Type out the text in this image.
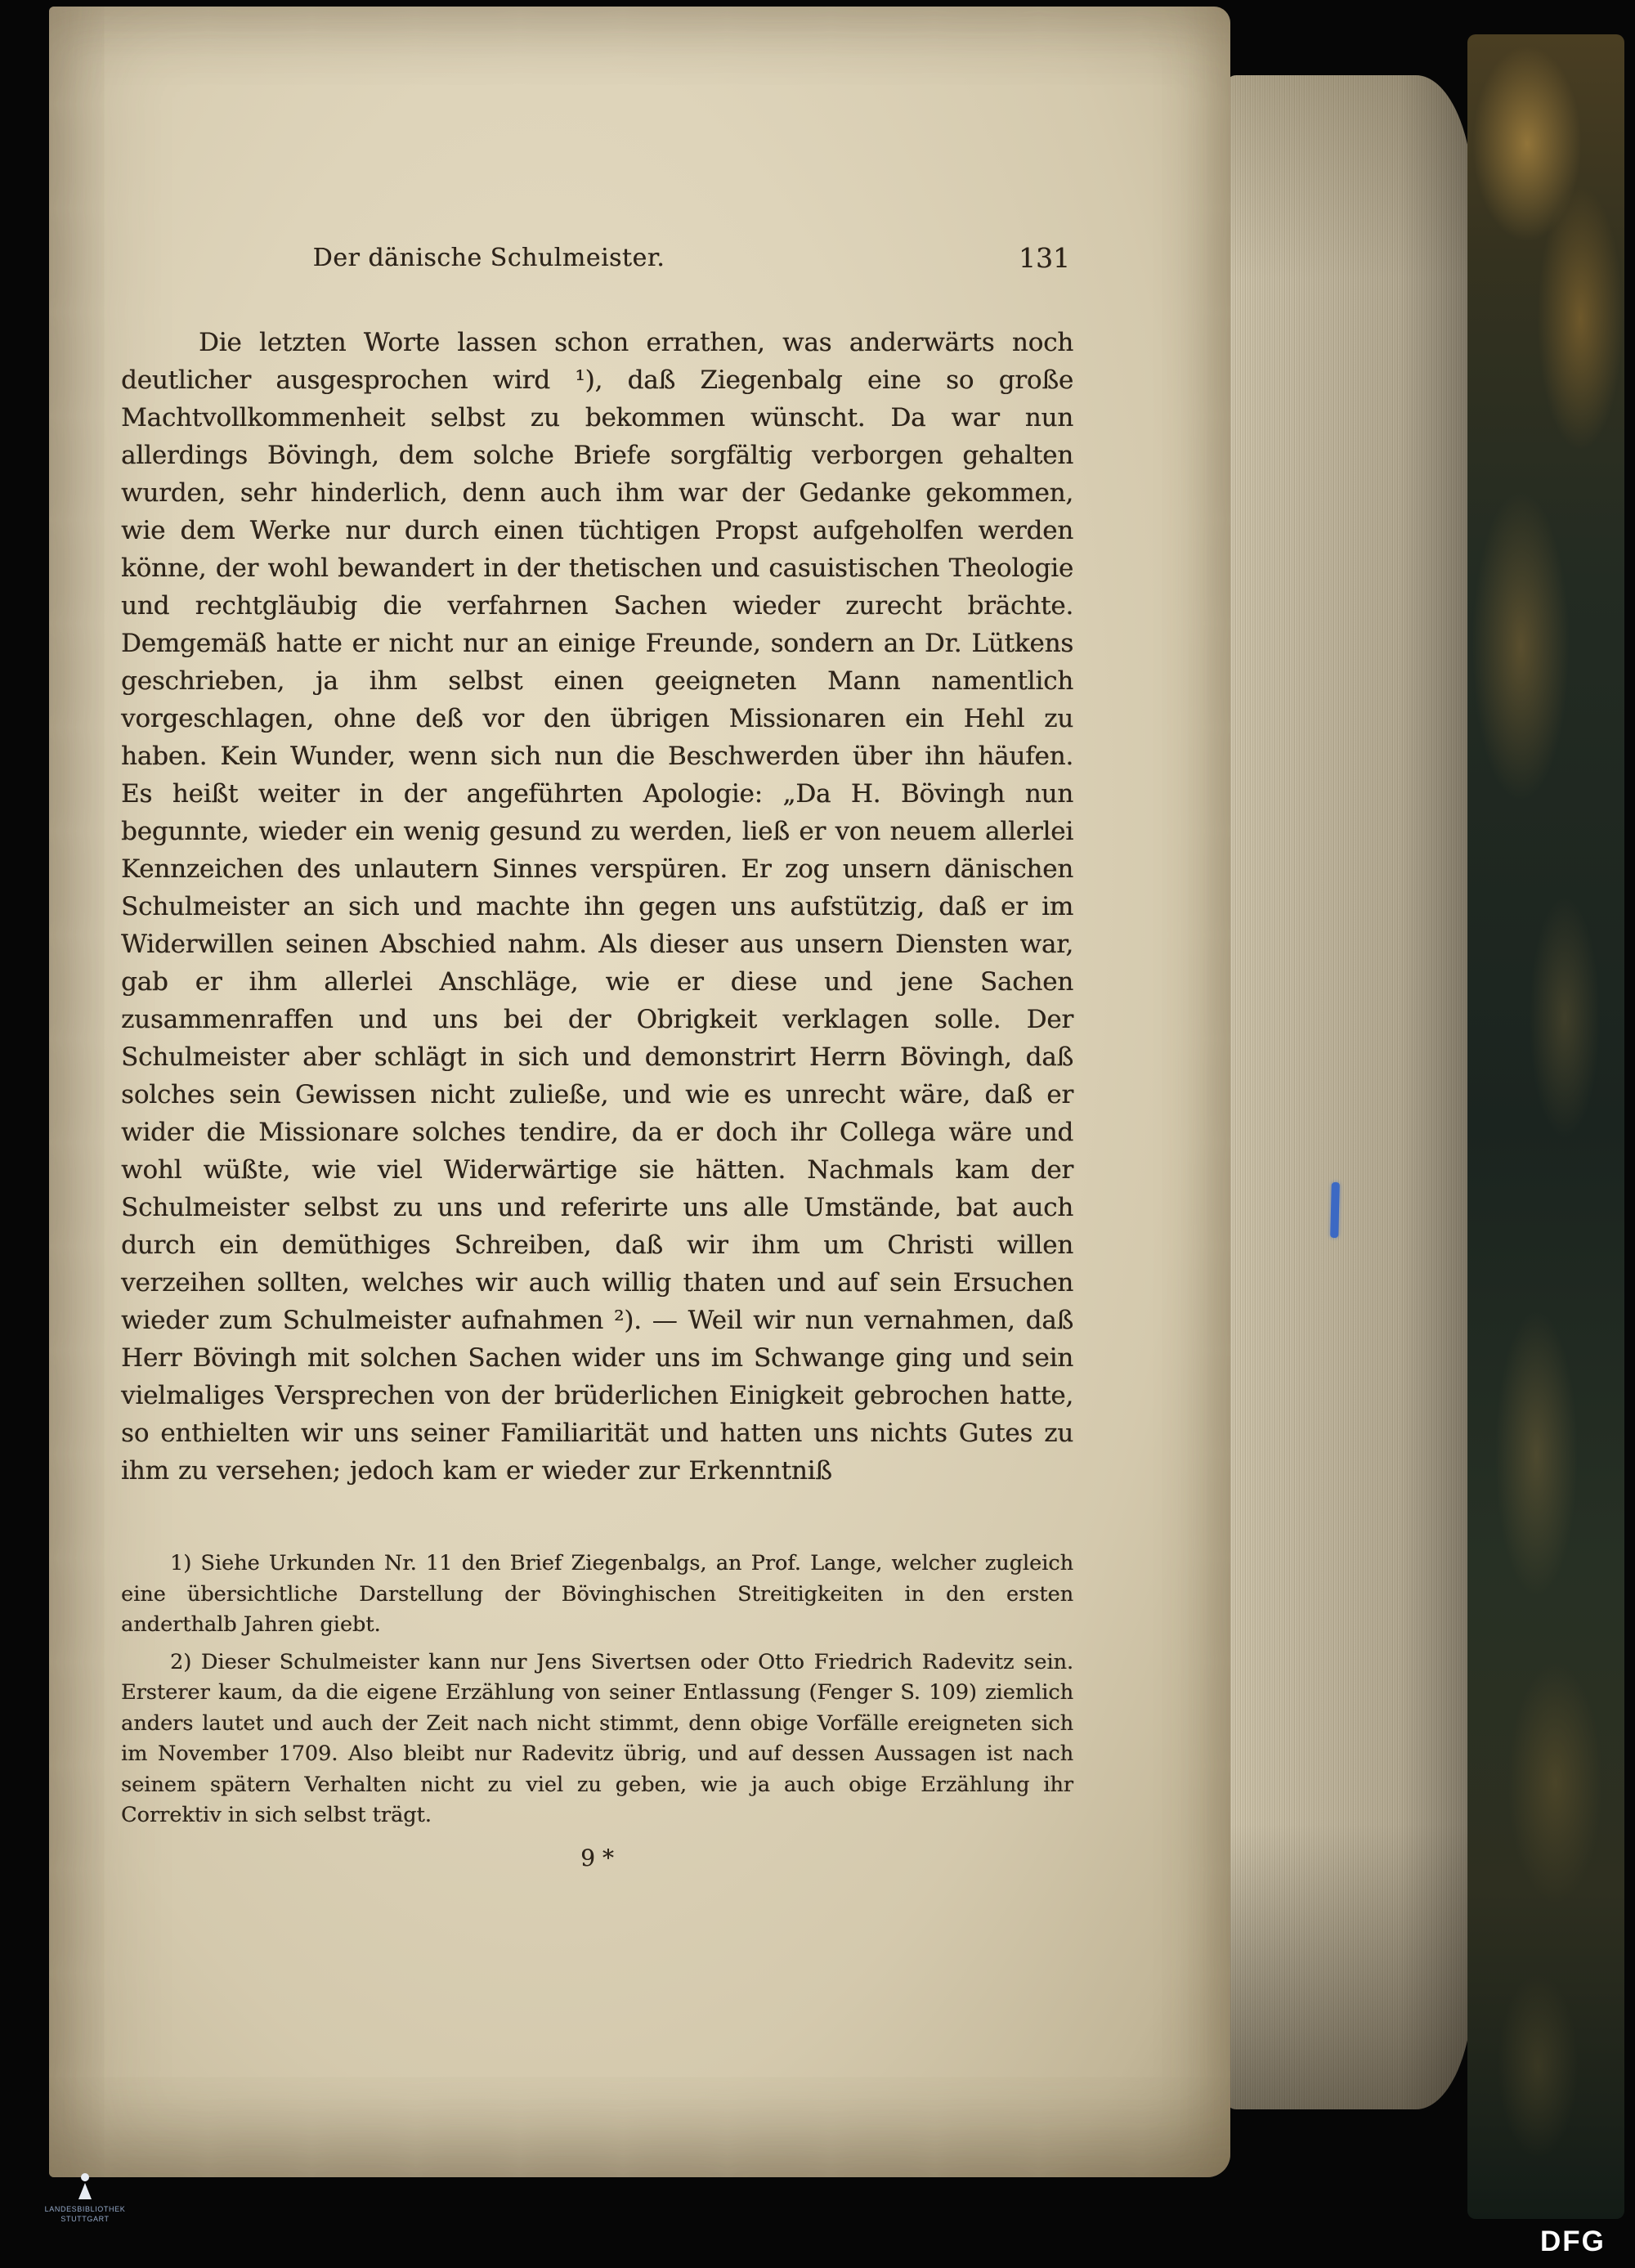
Der dänische Schulmeister.	131

Die letzten Worte lassen schon errathen, was anderwärts noch deutlicher ausgesprochen wird ¹), daß Ziegenbalg eine so große Machtvollkommenheit selbst zu bekommen wünscht. Da war nun allerdings Bövingh, dem solche Briefe sorgfältig verborgen gehalten wurden, sehr hinderlich, denn auch ihm war der Gedanke gekommen, wie dem Werke nur durch einen tüchtigen Propst aufgeholfen werden könne, der wohl bewandert in der thetischen und casuistischen Theologie und rechtgläubig die verfahrnen Sachen wieder zurecht brächte. Demgemäß hatte er nicht nur an einige Freunde, sondern an Dr. Lütkens geschrieben, ja ihm selbst einen geeigneten Mann namentlich vorgeschlagen, ohne deß vor den übrigen Missionaren ein Hehl zu haben. Kein Wunder, wenn sich nun die Beschwerden über ihn häufen. Es heißt weiter in der angeführten Apologie: „Da H. Bövingh nun begunnte, wieder ein wenig gesund zu werden, ließ er von neuem allerlei Kennzeichen des unlautern Sinnes verspüren. Er zog unsern dänischen Schulmeister an sich und machte ihn gegen uns aufstützig, daß er im Widerwillen seinen Abschied nahm. Als dieser aus unsern Diensten war, gab er ihm allerlei Anschläge, wie er diese und jene Sachen zusammenraffen und uns bei der Obrigkeit verklagen solle. Der Schulmeister aber schlägt in sich und demonstrirt Herrn Bövingh, daß solches sein Gewissen nicht zuließe, und wie es unrecht wäre, daß er wider die Missionare solches tendire, da er doch ihr Collega wäre und wohl wüßte, wie viel Widerwärtige sie hätten. Nachmals kam der Schulmeister selbst zu uns und referirte uns alle Umstände, bat auch durch ein demüthiges Schreiben, daß wir ihm um Christi willen verzeihen sollten, welches wir auch willig thaten und auf sein Ersuchen wieder zum Schulmeister aufnahmen ²). — Weil wir nun vernahmen, daß Herr Bövingh mit solchen Sachen wider uns im Schwange ging und sein vielmaliges Versprechen von der brüderlichen Einigkeit gebrochen hatte, so enthielten wir uns seiner Familiarität und hatten uns nichts Gutes zu ihm zu versehen; jedoch kam er wieder zur Erkenntniß

1) Siehe Urkunden Nr. 11 den Brief Ziegenbalgs, an Prof. Lange, welcher zugleich eine übersichtliche Darstellung der Bövinghischen Streitigkeiten in den ersten anderthalb Jahren giebt.

2) Dieser Schulmeister kann nur Jens Sivertsen oder Otto Friedrich Radevitz sein. Ersterer kaum, da die eigene Erzählung von seiner Entlassung (Fenger S. 109) ziemlich anders lautet und auch der Zeit nach nicht stimmt, denn obige Vorfälle ereigneten sich im November 1709. Also bleibt nur Radevitz übrig, und auf dessen Aussagen ist nach seinem spätern Verhalten nicht zu viel zu geben, wie ja auch obige Erzählung ihr Correktiv in sich selbst trägt.

9 *
LANDESBIBLIOTHEK
STUTTGART
DFG
